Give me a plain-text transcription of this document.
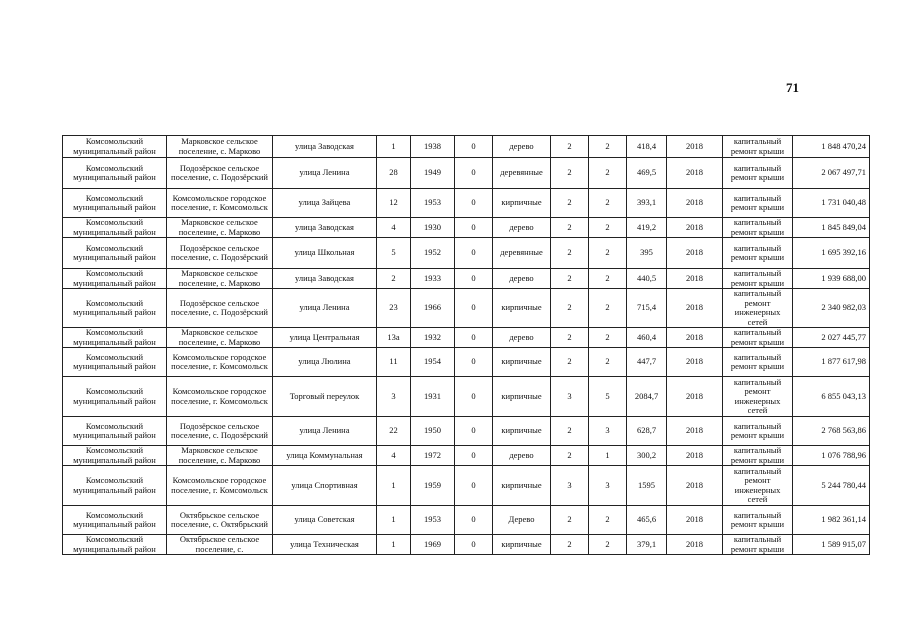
71
Комсомольский муниципальный район	Марковское сельское поселение, с. Марково	улица Заводская	1	1938	0	дерево	2	2	418,4	2018	капитальный ремонт крыши	1 848 470,24
Комсомольский муниципальный район	Подозёрское сельское поселение, с. Подозёрский	улица Ленина	28	1949	0	деревянные	2	2	469,5	2018	капитальный ремонт крыши	2 067 497,71
Комсомольский муниципальный район	Комсомольское городское поселение, г. Комсомольск	улица Зайцева	12	1953	0	кирпичные	2	2	393,1	2018	капитальный ремонт крыши	1 731 040,48
Комсомольский муниципальный район	Марковское сельское поселение, с. Марково	улица Заводская	4	1930	0	дерево	2	2	419,2	2018	капитальный ремонт крыши	1 845 849,04
Комсомольский муниципальный район	Подозёрское сельское поселение, с. Подозёрский	улица Школьная	5	1952	0	деревянные	2	2	395	2018	капитальный ремонт крыши	1 695 392,16
Комсомольский муниципальный район	Марковское сельское поселение, с. Марково	улица Заводская	2	1933	0	дерево	2	2	440,5	2018	капитальный ремонт крыши	1 939 688,00
Комсомольский муниципальный район	Подозёрское сельское поселение, с. Подозёрский	улица Ленина	23	1966	0	кирпичные	2	2	715,4	2018	капитальный ремонт инженерных сетей	2 340 982,03
Комсомольский муниципальный район	Марковское сельское поселение, с. Марково	улица Центральная	13а	1932	0	дерево	2	2	460,4	2018	капитальный ремонт крыши	2 027 445,77
Комсомольский муниципальный район	Комсомольское городское поселение, г. Комсомольск	улица Люлина	11	1954	0	кирпичные	2	2	447,7	2018	капитальный ремонт крыши	1 877 617,98
Комсомольский муниципальный район	Комсомольское городское поселение, г. Комсомольск	Торговый переулок	3	1931	0	кирпичные	3	5	2084,7	2018	капитальный ремонт инженерных сетей	6 855 043,13
Комсомольский муниципальный район	Подозёрское сельское поселение, с. Подозёрский	улица Ленина	22	1950	0	кирпичные	2	3	628,7	2018	капитальный ремонт крыши	2 768 563,86
Комсомольский муниципальный район	Марковское сельское поселение, с. Марково	улица Коммунальная	4	1972	0	дерево	2	1	300,2	2018	капитальный ремонт крыши	1 076 788,96
Комсомольский муниципальный район	Комсомольское городское поселение, г. Комсомольск	улица Спортивная	1	1959	0	кирпичные	3	3	1595	2018	капитальный ремонт инженерных сетей	5 244 780,44
Комсомольский муниципальный район	Октябрьское сельское поселение, с. Октябрьский	улица Советская	1	1953	0	Дерево	2	2	465,6	2018	капитальный ремонт крыши	1 982 361,14
Комсомольский муниципальный район	Октябрьское сельское поселение, с.	улица Техническая	1	1969	0	кирпичные	2	2	379,1	2018	капитальный ремонт крыши	1 589 915,07
